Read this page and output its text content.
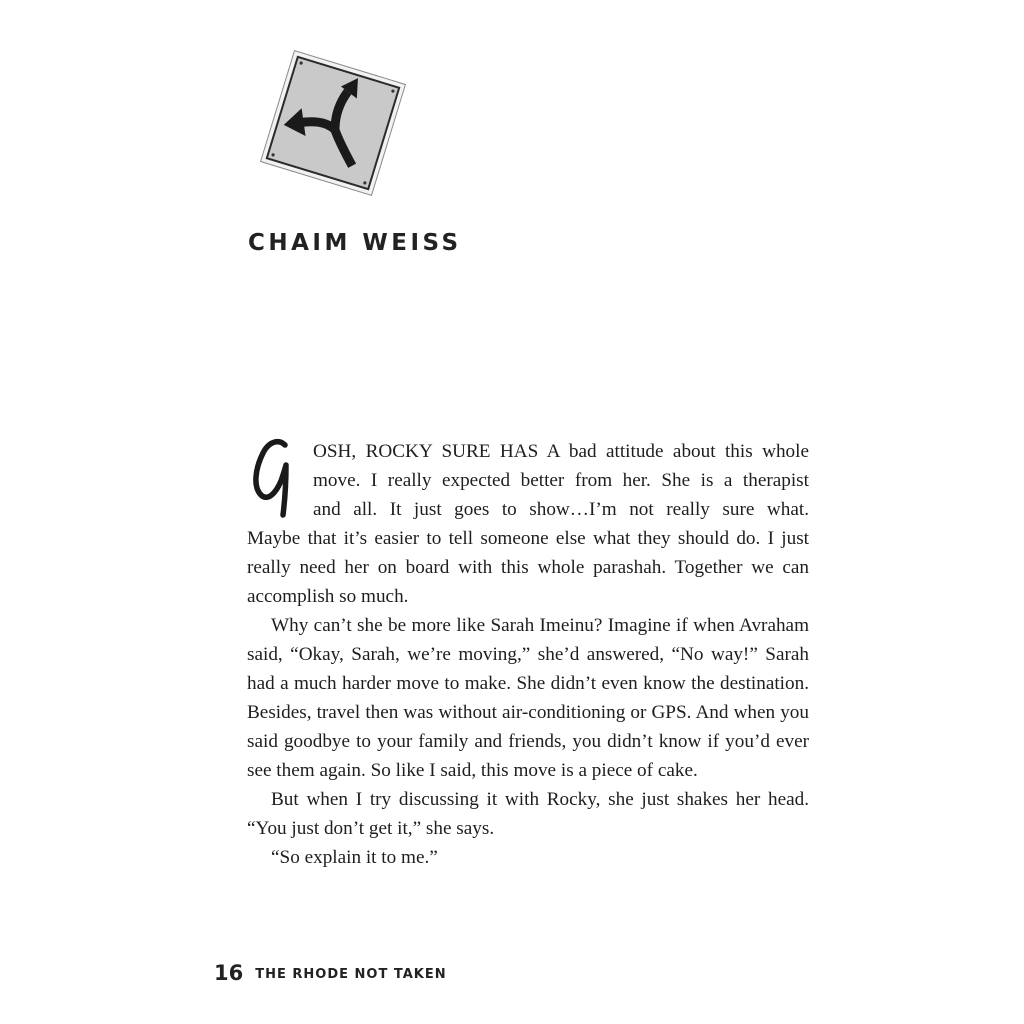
CHAIM WEISS
OSH, ROCKY SURE HAS A bad attitude about this whole
move. I really expected better from her. She is a therapist
and all. It just goes to show…I’m not really sure what.
Maybe that it’s easier to tell someone else what they should do. I just really need her on board with this whole parashah. Together we can accomplish so much.

Why can’t she be more like Sarah Imeinu? Imagine if when Avraham said, “Okay, Sarah, we’re moving,” she’d answered, “No way!” Sarah had a much harder move to make. She didn’t even know the destination. Besides, travel then was without air-conditioning or GPS. And when you said goodbye to your family and friends, you didn’t know if you’d ever see them again. So like I said, this move is a piece of cake.

But when I try discussing it with Rocky, she just shakes her head. “You just don’t get it,” she says.

“So explain it to me.”

16 THE RHODE NOT TAKEN
